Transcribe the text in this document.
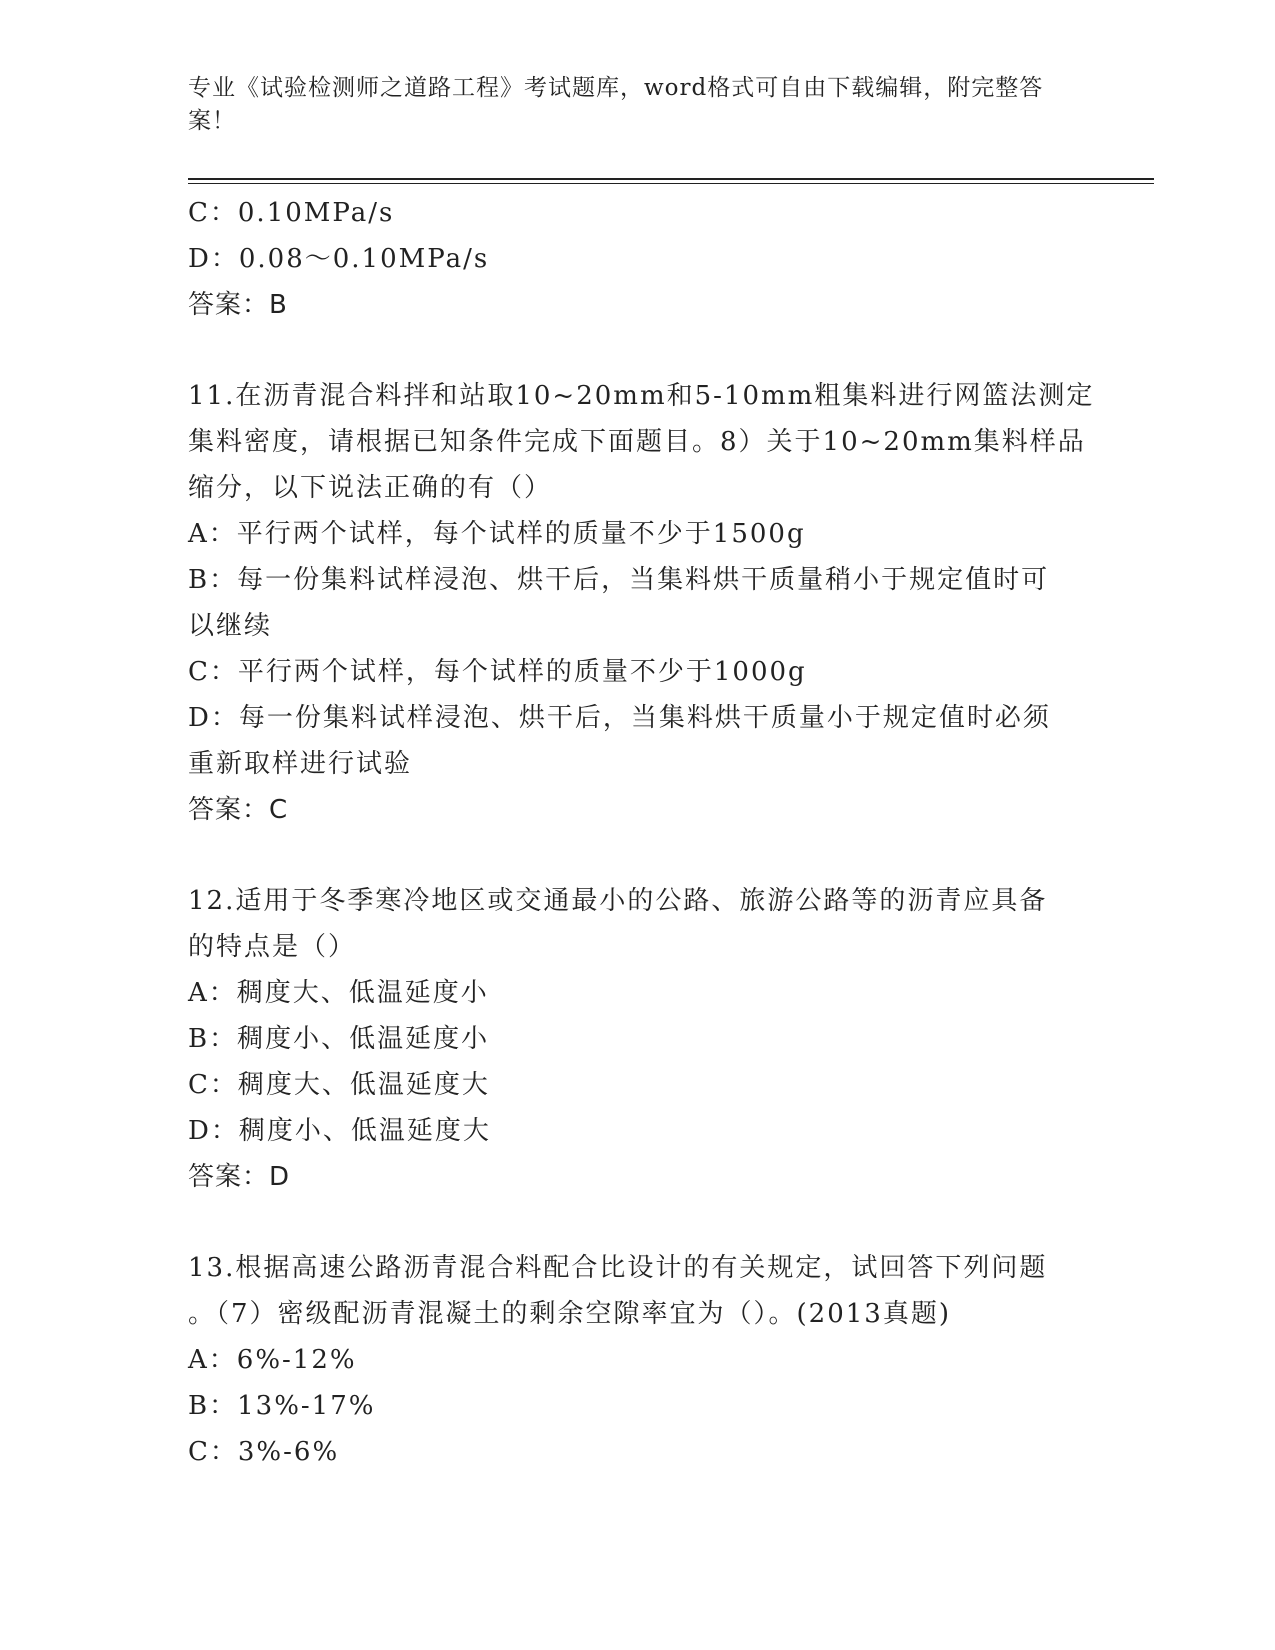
专业《试验检测师之道路工程》考试题库，word格式可自由下载编辑，附完整答
案！
C：0.10MPa/s
D：0.08～0.10MPa/s
答案：B
11.在沥青混合料拌和站取10~20mm和5-10mm粗集料进行网篮法测定
集料密度，请根据已知条件完成下面题目。8）关于10~20mm集料样品
缩分，以下说法正确的有（）
A：平行两个试样，每个试样的质量不少于1500g
B：每一份集料试样浸泡、烘干后，当集料烘干质量稍小于规定值时可
以继续
C：平行两个试样，每个试样的质量不少于1000g
D：每一份集料试样浸泡、烘干后，当集料烘干质量小于规定值时必须
重新取样进行试验
答案：C
12.适用于冬季寒冷地区或交通最小的公路、旅游公路等的沥青应具备
的特点是（）
A：稠度大、低温延度小
B：稠度小、低温延度小
C：稠度大、低温延度大
D：稠度小、低温延度大
答案：D
13.根据高速公路沥青混合料配合比设计的有关规定，试回答下列问题
。（7）密级配沥青混凝土的剩余空隙率宜为（）。(2013真题)
A：6%-12%
B：13%-17%
C：3%-6%
